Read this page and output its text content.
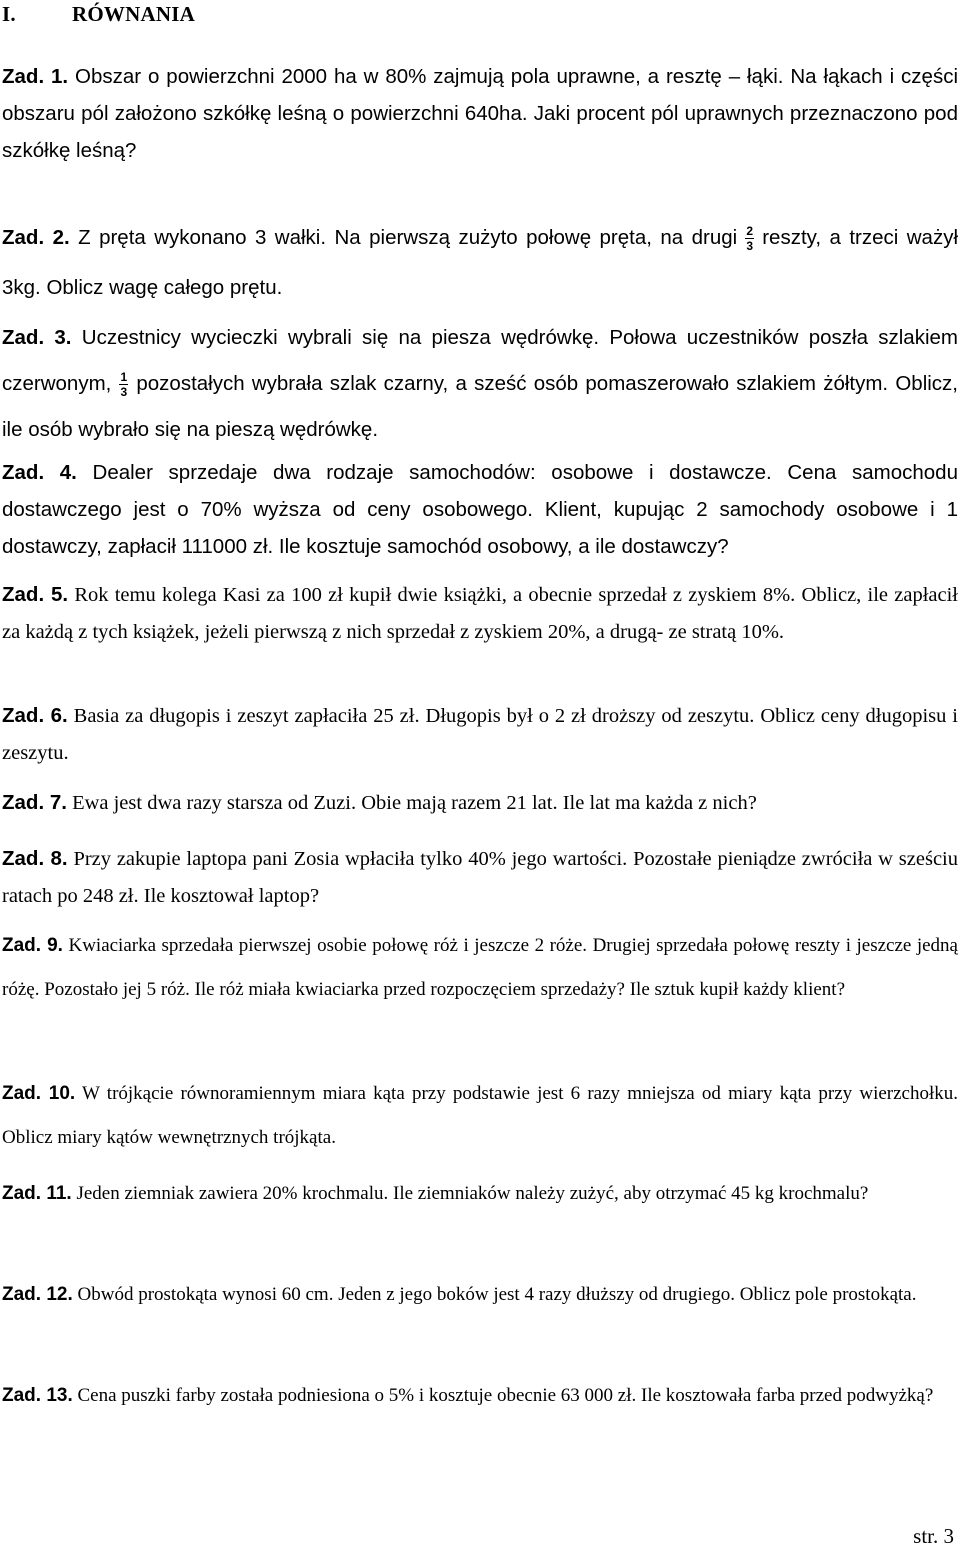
I.	RÓWNANIA

Zad. 1. Obszar o powierzchni 2000 ha w 80% zajmują pola uprawne, a resztę – łąki. Na łąkach i części obszaru pól założono szkółkę leśną o powierzchni 640ha. Jaki procent pól uprawnych przeznaczono pod szkółkę leśną?

Zad. 2. Z pręta wykonano 3 wałki. Na pierwszą zużyto połowę pręta, na drugi $\frac{2}{3}$ reszty, a trzeci ważył 3kg. Oblicz wagę całego prętu.

Zad. 3. Uczestnicy wycieczki wybrali się na piesza wędrówkę. Połowa uczestników poszła szlakiem czerwonym, $\frac{1}{3}$ pozostałych wybrała szlak czarny, a sześć osób pomaszerowało szlakiem żółtym. Oblicz, ile osób wybrało się na pieszą wędrówkę.

Zad. 4. Dealer sprzedaje dwa rodzaje samochodów: osobowe i dostawcze. Cena samochodu dostawczego jest o 70% wyższa od ceny osobowego. Klient, kupując 2 samochody osobowe i 1 dostawczy, zapłacił 111000 zł. Ile kosztuje samochód osobowy, a ile dostawczy?

Zad. 5. Rok temu kolega Kasi za 100 zł kupił dwie książki, a obecnie sprzedał z zyskiem 8%. Oblicz, ile zapłacił za każdą z tych książek, jeżeli pierwszą z nich sprzedał z zyskiem 20%, a drugą- ze stratą 10%.

Zad. 6. Basia za długopis i zeszyt zapłaciła 25 zł. Długopis był o 2 zł droższy od zeszytu. Oblicz ceny długopisu i zeszytu.

Zad. 7. Ewa jest dwa razy starsza od Zuzi. Obie mają razem 21 lat. Ile lat ma każda z nich?

Zad. 8. Przy zakupie laptopa pani Zosia wpłaciła tylko 40% jego wartości. Pozostałe pieniądze zwróciła w sześciu ratach po 248 zł. Ile kosztował laptop?

Zad. 9. Kwiaciarka sprzedała pierwszej osobie połowę róż i jeszcze 2 róże. Drugiej sprzedała połowę reszty i jeszcze jedną różę. Pozostało jej 5 róż. Ile róż miała kwiaciarka przed rozpoczęciem sprzedaży? Ile sztuk kupił każdy klient?

Zad. 10. W trójkącie równoramiennym miara kąta przy podstawie jest 6 razy mniejsza od miary kąta przy wierzchołku. Oblicz miary kątów wewnętrznych trójkąta.

Zad. 11. Jeden ziemniak zawiera 20% krochmalu. Ile ziemniaków należy zużyć, aby otrzymać 45 kg krochmalu?

Zad. 12. Obwód prostokąta wynosi 60 cm. Jeden z jego boków jest 4 razy dłuższy od drugiego. Oblicz pole prostokąta.

Zad. 13. Cena puszki farby została podniesiona o 5% i kosztuje obecnie 63 000 zł. Ile kosztowała farba przed podwyżką?

str. 3
